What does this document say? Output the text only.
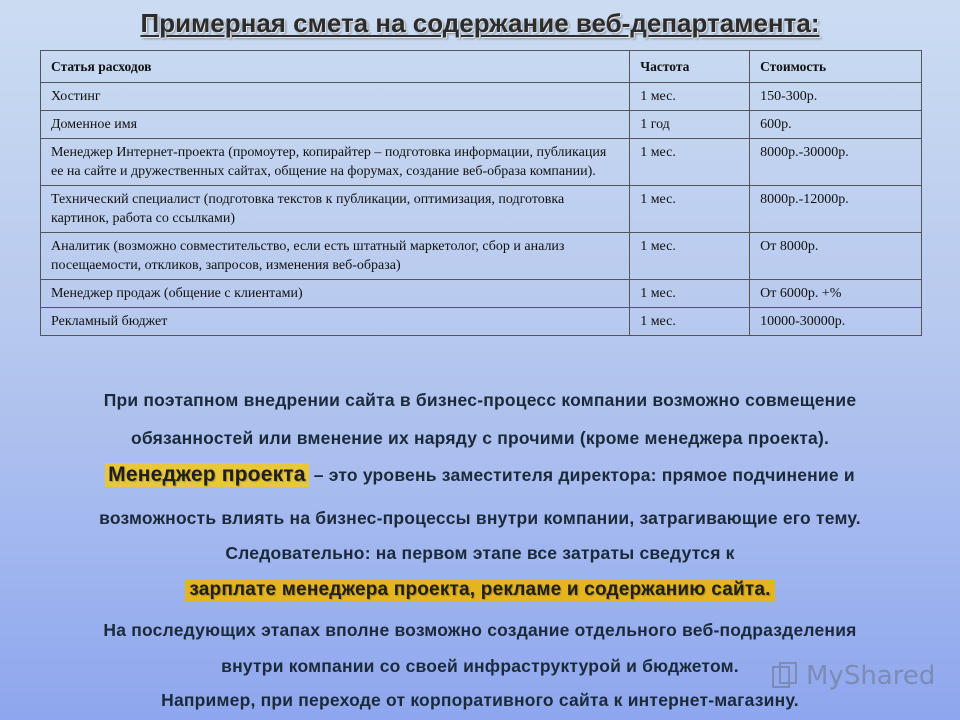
Примерная смета на содержание веб-департамента:
Статья расходов	Частота	Стоимость
Хостинг	1 мес.	150-300р.
Доменное имя	1 год	600р.
Менеджер Интернет-проекта (промоутер, копирайтер – подготовка информации, публикация ее на сайте и дружественных сайтах, общение на форумах, создание веб-образа компании).	1 мес.	8000р.-30000р.
Технический специалист (подготовка текстов к публикации, оптимизация, подготовка картинок, работа со ссылками)	1 мес.	8000р.-12000р.
Аналитик (возможно совместительство, если есть штатный маркетолог, сбор и анализ посещаемости, откликов, запросов, изменения веб-образа)	1 мес.	От 8000р.
Менеджер продаж (общение с клиентами)	1 мес.	От 6000р. +%
Рекламный бюджет	1 мес.	10000-30000р.
При поэтапном внедрении сайта в бизнес-процесс компании возможно совмещение
обязанностей или вменение их наряду с прочими (кроме менеджера проекта).
Менеджер проекта – это уровень заместителя директора: прямое подчинение и
возможность влиять на бизнес-процессы внутри компании, затрагивающие его тему.
Следовательно: на первом этапе все затраты сведутся к
зарплате менеджера проекта, рекламе и содержанию сайта.
На последующих этапах вполне возможно создание отдельного веб-подразделения
внутри компании со своей инфраструктурой и бюджетом.
Например, при переходе от корпоративного сайта к интернет-магазину.
MyShared
